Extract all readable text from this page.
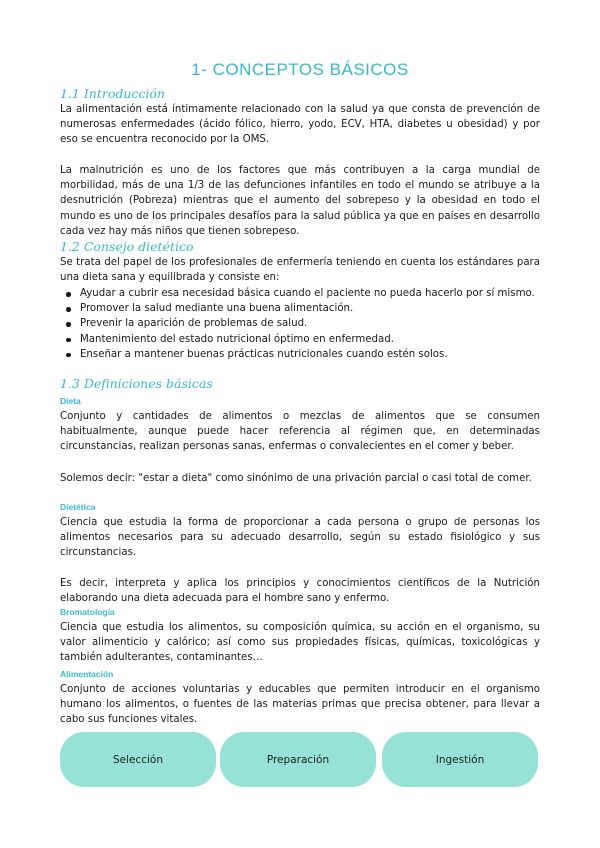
1- CONCEPTOS BÁSICOS
1.1 Introducción

La alimentación está íntimamente relacionado con la salud ya que consta de prevención de numerosas enfermedades (ácido fólico, hierro, yodo, ECV, HTA, diabetes u obesidad) y por eso se encuentra reconocido por la OMS.

La malnutrición es uno de los factores que más contribuyen a la carga mundial de morbilidad, más de una 1/3 de las defunciones infantiles en todo el mundo se atribuye a la desnutrición (Pobreza) mientras que el aumento del sobrepeso y la obesidad en todo el mundo es uno de los principales desafíos para la salud pública ya que en países en desarrollo cada vez hay más niños que tienen sobrepeso.

1.2 Consejo dietético

Se trata del papel de los profesionales de enfermería teniendo en cuenta los estándares para una dieta sana y equilibrada y consiste en:

Ayudar a cubrir esa necesidad básica cuando el paciente no pueda hacerlo por sí mismo.
Promover la salud mediante una buena alimentación.
Prevenir la aparición de problemas de salud.
Mantenimiento del estado nutricional óptimo en enfermedad.
Enseñar a mantener buenas prácticas nutricionales cuando estén solos.
1.3 Definiciones básicas
Dieta

Conjunto y cantidades de alimentos o mezclas de alimentos que se consumen habitualmente, aunque puede hacer referencia al régimen que, en determinadas circunstancias, realizan personas sanas, enfermas o convalecientes en el comer y beber.

Solemos decir: "estar a dieta" como sinónimo de una privación parcial o casi total de comer.

Dietética

Ciencia que estudia la forma de proporcionar a cada persona o grupo de personas los alimentos necesarios para su adecuado desarrollo, según su estado fisiológico y sus circunstancias.

Es decir, interpreta y aplica los principios y conocimientos científicos de la Nutrición elaborando una dieta adecuada para el hombre sano y enfermo.

Bromatología

Ciencia que estudia los alimentos, su composición química, su acción en el organismo, su valor alimenticio y calórico; así como sus propiedades físicas, químicas, toxicológicas y también adulterantes, contaminantes…

Alimentación

Conjunto de acciones voluntarias y educables que permiten introducir en el organismo humano los alimentos, o fuentes de las materias primas que precisa obtener, para llevar a cabo sus funciones vitales.

Selección	Preparación	Ingestión
